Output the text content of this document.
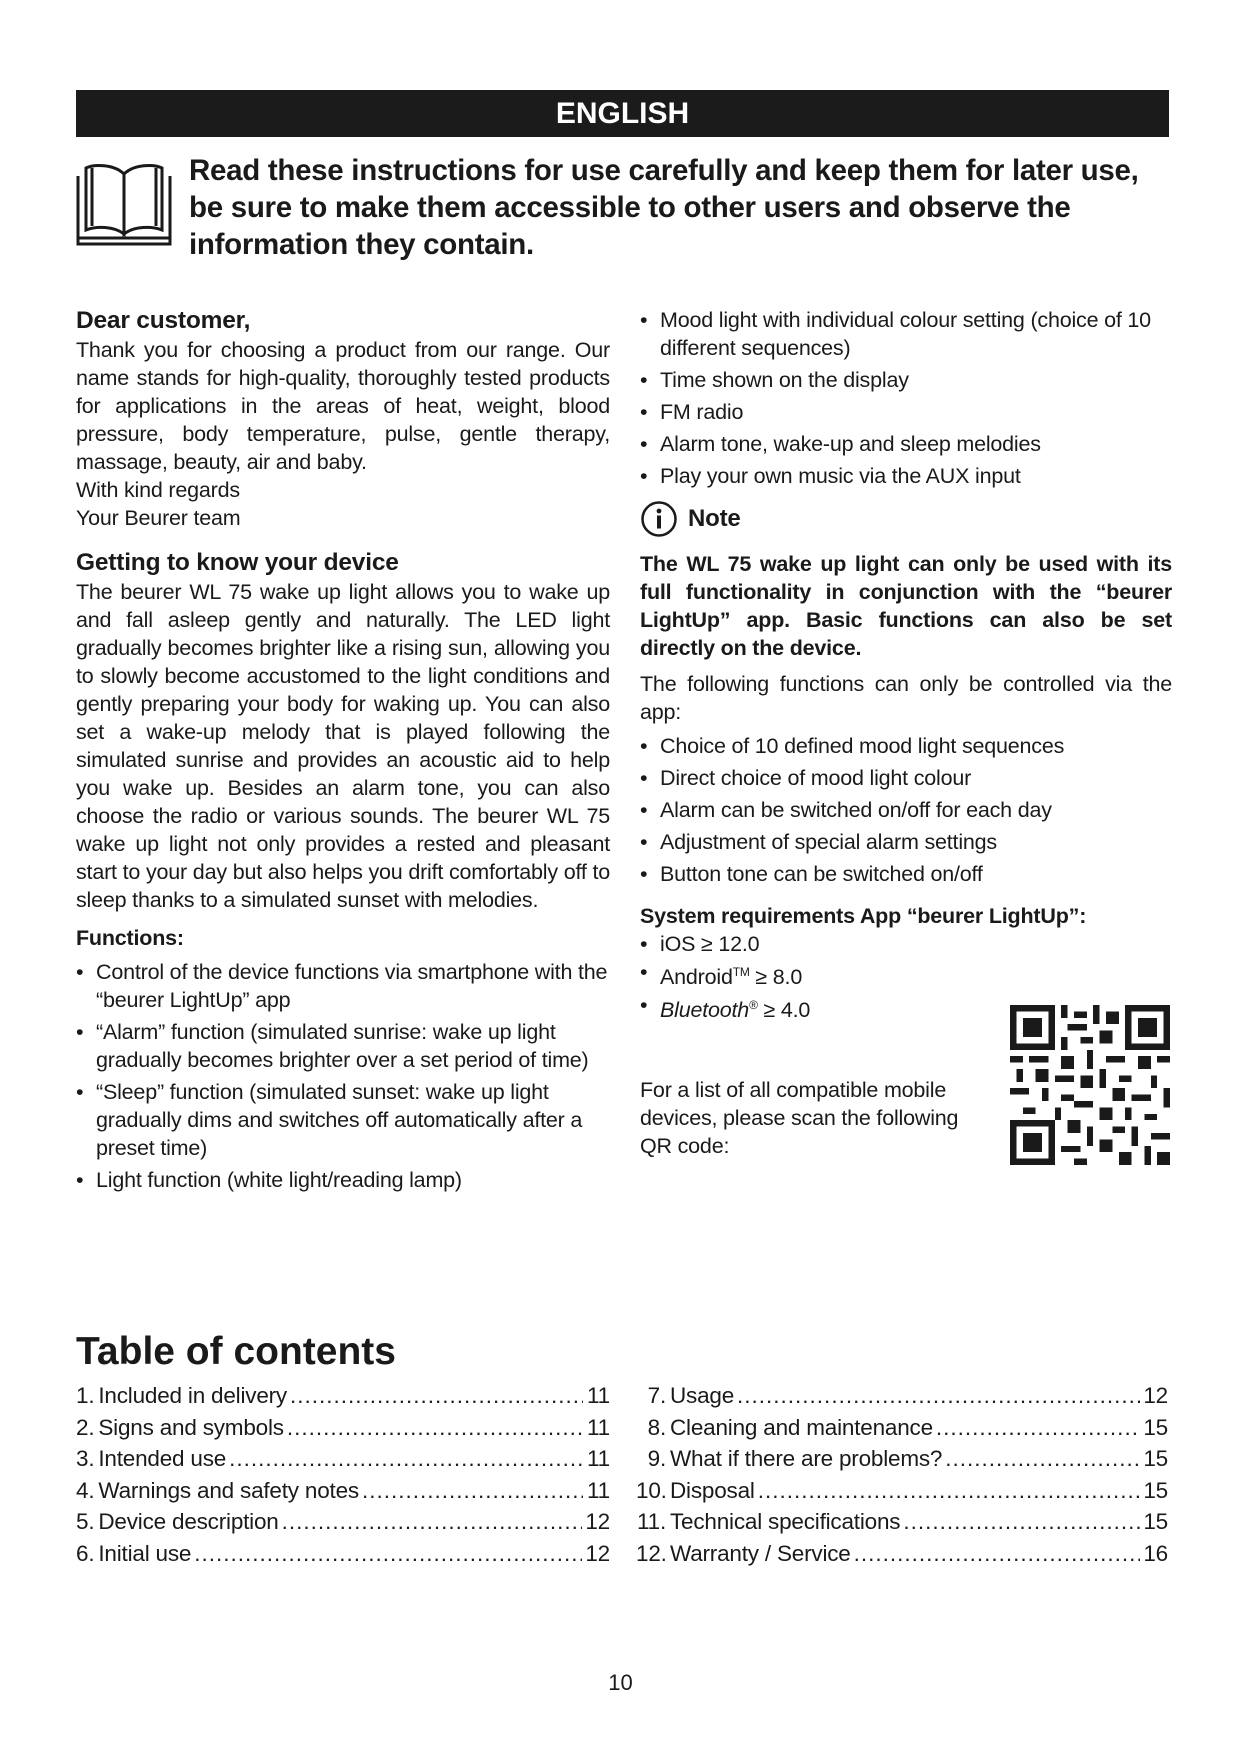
ENGLISH
Read these instructions for use carefully and keep them for later use, be sure to make them accessible to other users and observe the information they contain.
Dear customer,

Thank you for choosing a product from our range. Our name stands for high-quality, thoroughly tested products for applications in the areas of heat, weight, blood pressure, body temperature, pulse, gentle therapy, massage, beauty, air and baby.

With kind regards

Your Beurer team

Getting to know your device

The beurer WL 75 wake up light allows you to wake up and fall asleep gently and naturally. The LED light gradually becomes brighter like a rising sun, allowing you to slowly become accustomed to the light conditions and gently preparing your body for waking up. You can also set a wake-up melody that is played following the simulated sunrise and provides an acoustic aid to help you wake up. Besides an alarm tone, you can also choose the radio or various sounds. The beurer WL 75 wake up light not only provides a rested and pleasant start to your day but also helps you drift comfortably off to sleep thanks to a simulated sunset with melodies.

Functions:
• Control of the device functions via smartphone with the “beurer LightUp” app
• “Alarm” function (simulated sunrise: wake up light gradually becomes brighter over a set period of time)
• “Sleep” function (simulated sunset: wake up light gradually dims and switches off automatically after a preset time)
• Light function (white light/reading lamp)
• Mood light with individual colour setting (choice of 10 different sequences)
• Time shown on the display
• FM radio
• Alarm tone, wake-up and sleep melodies
• Play your own music via the AUX input
Note

The WL 75 wake up light can only be used with its full functionality in conjunction with the “beurer LightUp” app. Basic functions can also be set directly on the device.

The following functions can only be controlled via the app:

• Choice of 10 defined mood light sequences
• Direct choice of mood light colour
• Alarm can be switched on/off for each day
• Adjustment of special alarm settings
• Button tone can be switched on/off
System requirements App “beurer LightUp”:
• iOS ≥ 12.0
• Android™ ≥ 8.0
• Bluetooth® ≥ 4.0

For a list of all compatible mobile devices, please scan the following QR code:

Table of contents
1. Included in delivery .....	11
2. Signs and symbols .....	11
3. Intended use .....	11
4. Warnings and safety notes .....	11
5. Device description .....	12
6. Initial use .....	12
7. Usage .....	12
8. Cleaning and maintenance .....	15
9. What if there are problems? .....	15
10. Disposal .....	15
11. Technical specifications .....	15
12. Warranty / Service .....	16
10
